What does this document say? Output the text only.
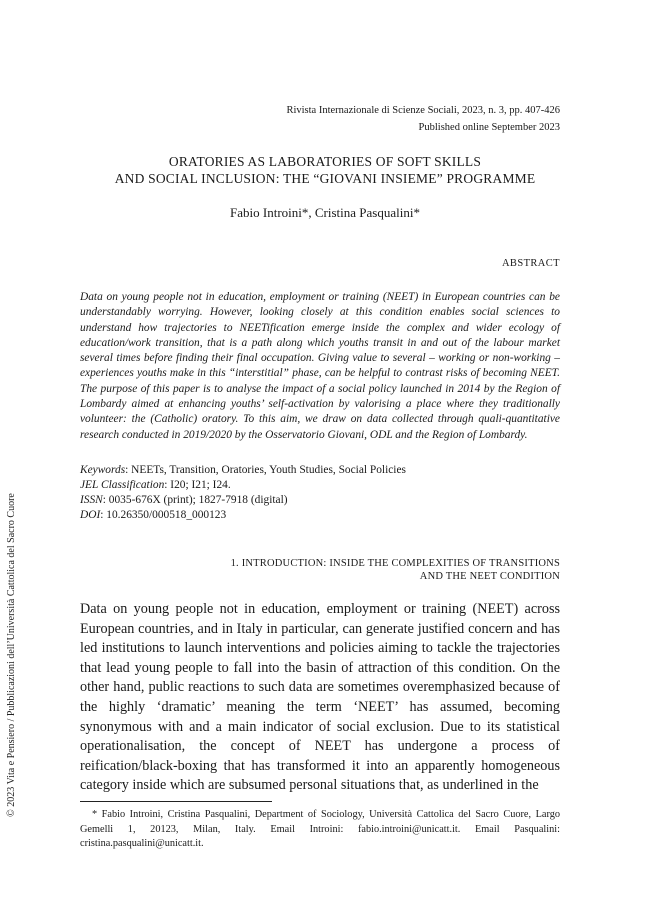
© 2023 Vita e Pensiero / Pubblicazioni dell’Università Cattolica del Sacro Cuore
Rivista Internazionale di Scienze Sociali, 2023, n. 3, pp. 407-426
Published online September 2023
ORATORIES AS LABORATORIES OF SOFT SKILLS
AND SOCIAL INCLUSION: THE “GIOVANI INSIEME” PROGRAMME
Fabio Introini*, Cristina Pasqualini*
ABSTRACT

Data on young people not in education, employment or training (NEET) in European countries can be understandably worrying. However, looking closely at this condition enables social sciences to understand how trajectories to NEETification emerge inside the complex and wider ecology of education/work transition, that is a path along which youths transit in and out of the labour market several times before finding their final occupation. Giving value to several – working or non-working – experiences youths make in this “interstitial” phase, can be helpful to contrast risks of becoming NEET. The purpose of this paper is to analyse the impact of a social policy launched in 2014 by the Region of Lombardy aimed at enhancing youths’ self-activation by valorising a place where they traditionally volunteer: the (Catholic) oratory. To this aim, we draw on data collected through quali-quantitative research conducted in 2019/2020 by the Osservatorio Giovani, ODL and the Region of Lombardy.

Keywords: NEETs, Transition, Oratories, Youth Studies, Social Policies
JEL Classification: I20; I21; I24.
ISSN: 0035-676X (print); 1827-7918 (digital)
DOI: 10.26350/000518_000123
1. INTRODUCTION: INSIDE THE COMPLEXITIES OF TRANSITIONS
AND THE NEET CONDITION

Data on young people not in education, employment or training (NEET) across European countries, and in Italy in particular, can generate justified concern and has led institutions to launch interventions and policies aiming to tackle the trajectories that lead young people to fall into the basin of attraction of this condition. On the other hand, public reactions to such data are sometimes overemphasized because of the highly ‘dramatic’ meaning the term ‘NEET’ has assumed, becoming synonymous with and a main indicator of social exclusion. Due to its statistical operationalisation, the concept of NEET has undergone a process of reification/black-boxing that has transformed it into an apparently homogeneous category inside which are subsumed personal situations that, as underlined in the

* Fabio Introini, Cristina Pasqualini, Department of Sociology, Università Cattolica del Sacro Cuore, Largo Gemelli 1, 20123, Milan, Italy. Email Introini: fabio.introini@unicatt.it. Email Pasqualini: cristina.pasqualini@unicatt.it.
